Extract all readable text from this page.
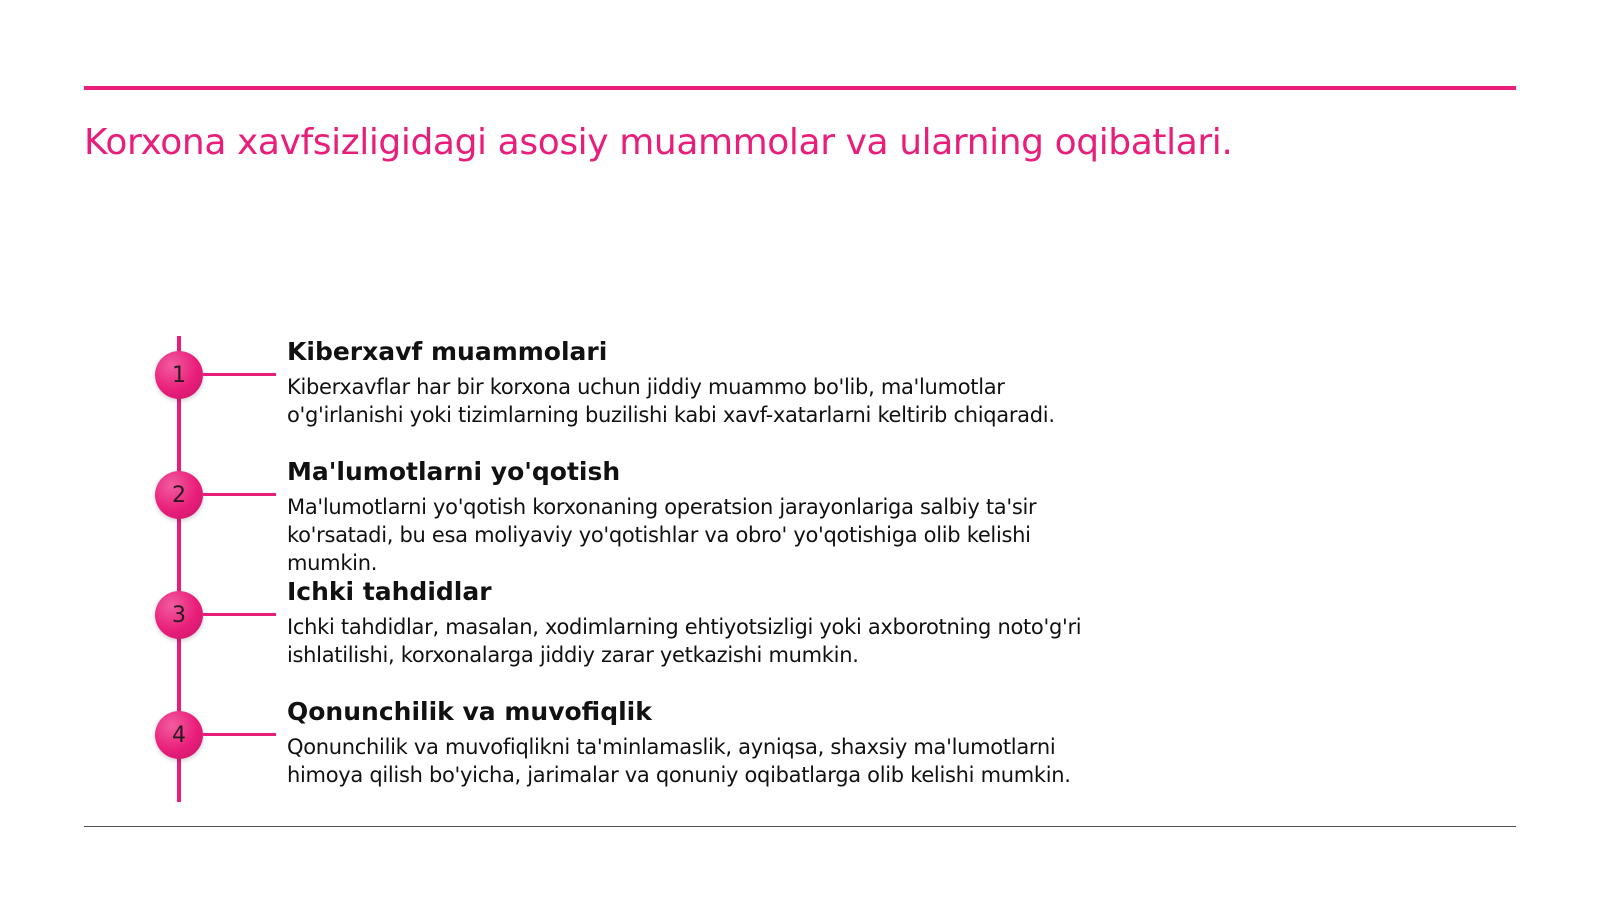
Korxona xavfsizligidagi asosiy muammolar va ularning oqibatlari.
1
Kiberxavf muammolari

Kiberxavflar har bir korxona uchun jiddiy muammo bo'lib, ma'lumotlar o'g'irlanishi yoki tizimlarning buzilishi kabi xavf-xatarlarni keltirib chiqaradi.

2
Ma'lumotlarni yo'qotish

Ma'lumotlarni yo'qotish korxonaning operatsion jarayonlariga salbiy ta'sir ko'rsatadi, bu esa moliyaviy yo'qotishlar va obro' yo'qotishiga olib kelishi mumkin.

3
Ichki tahdidlar

Ichki tahdidlar, masalan, xodimlarning ehtiyotsizligi yoki axborotning noto'g'ri ishlatilishi, korxonalarga jiddiy zarar yetkazishi mumkin.

4
Qonunchilik va muvofiqlik

Qonunchilik va muvofiqlikni ta'minlamaslik, ayniqsa, shaxsiy ma'lumotlarni himoya qilish bo'yicha, jarimalar va qonuniy oqibatlarga olib kelishi mumkin.
